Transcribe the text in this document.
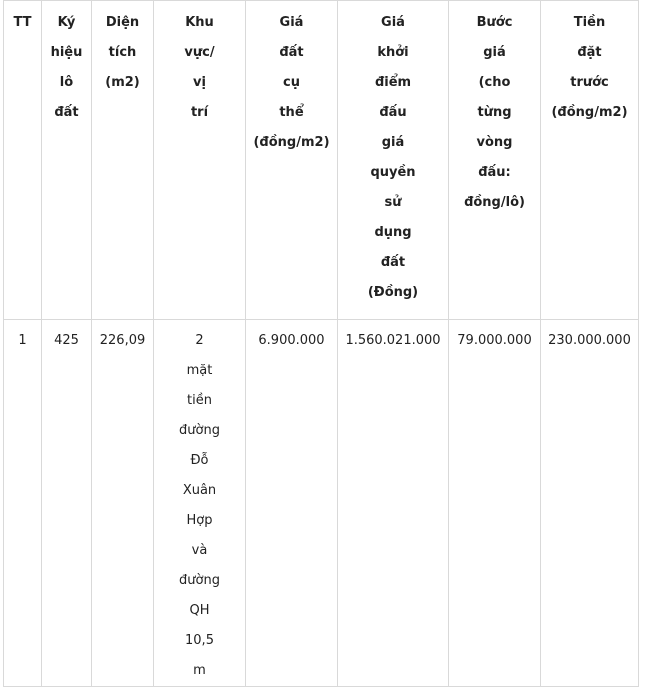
TT	Ký hiệu lô đất	Diện tích (m2)	Khu vực/ vị trí	Giá đất cụ thể (đồng/m2)	Giá khởi điểm đấu giá quyền sử dụng đất (Đồng)	Bước giá (cho từng vòng đấu: đồng/lô)	Tiền đặt trước (đồng/m2)
1	425	226,09	2 mặt tiền đường Đỗ Xuân Hợp và đường QH 10,5 m	6.900.000	1.560.021.000	79.000.000	230.000.000
